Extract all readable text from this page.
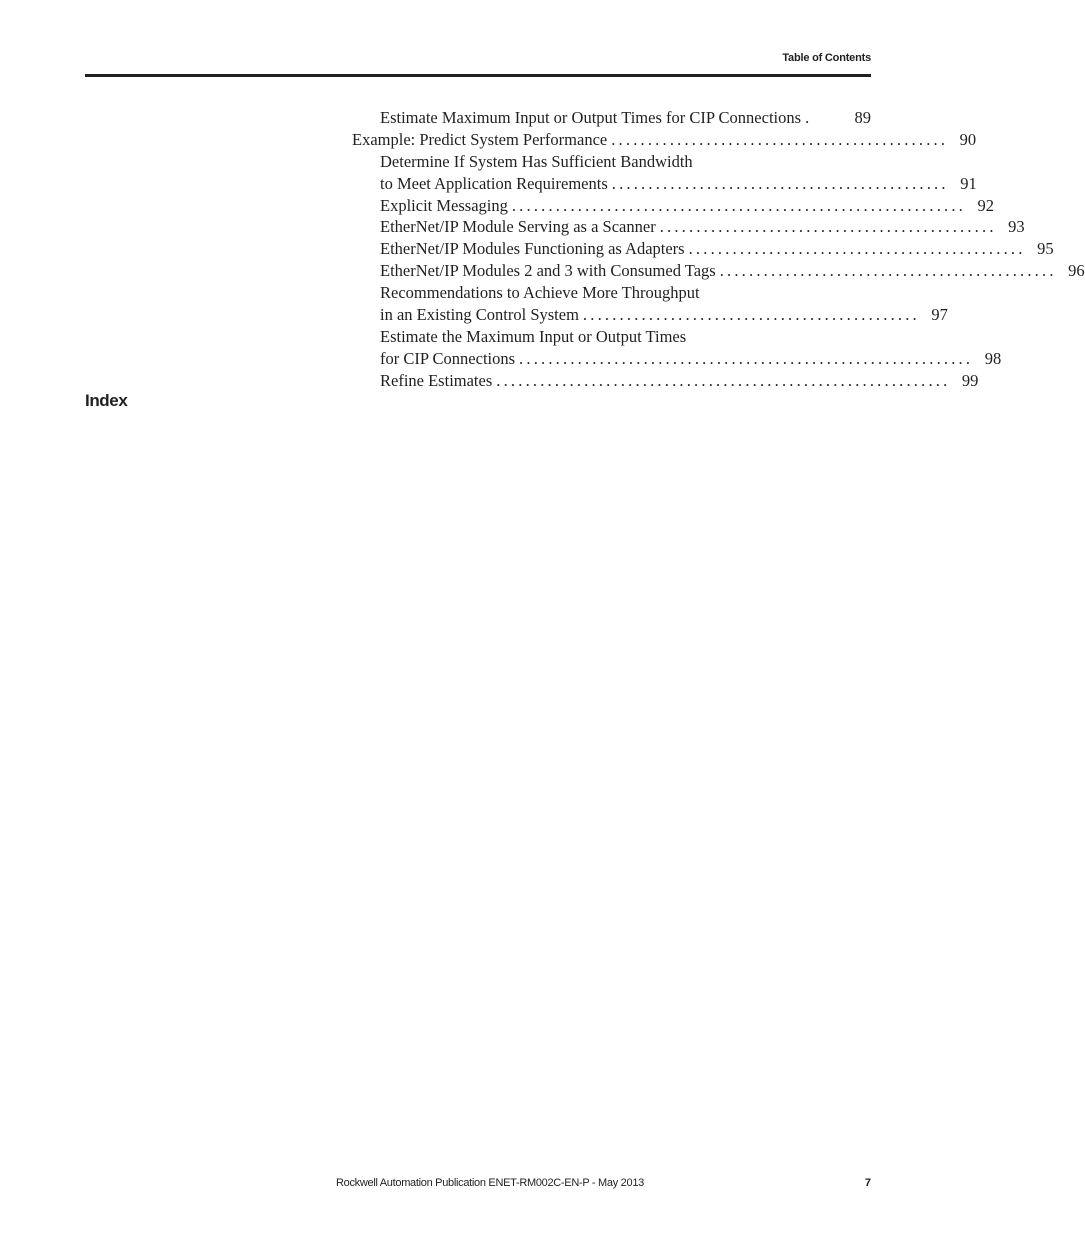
Table of Contents
Estimate Maximum Input or Output Times for CIP Connections .	89
Example: Predict System Performance .............................................. 90
Determine If System Has Sufficient Bandwidth
to Meet Application Requirements .............................................. 91
Explicit Messaging .............................................................. 92
EtherNet/IP Module Serving as a Scanner .............................................. 93
EtherNet/IP Modules Functioning as Adapters .............................................. 95
EtherNet/IP Modules 2 and 3 with Consumed Tags .............................................. 96
Recommendations to Achieve More Throughput
in an Existing Control System .............................................. 97
Estimate the Maximum Input or Output Times
for CIP Connections .............................................................. 98
Refine Estimates .............................................................. 99
Index
Rockwell Automation Publication ENET-RM002C-EN-P - May 2013	7
